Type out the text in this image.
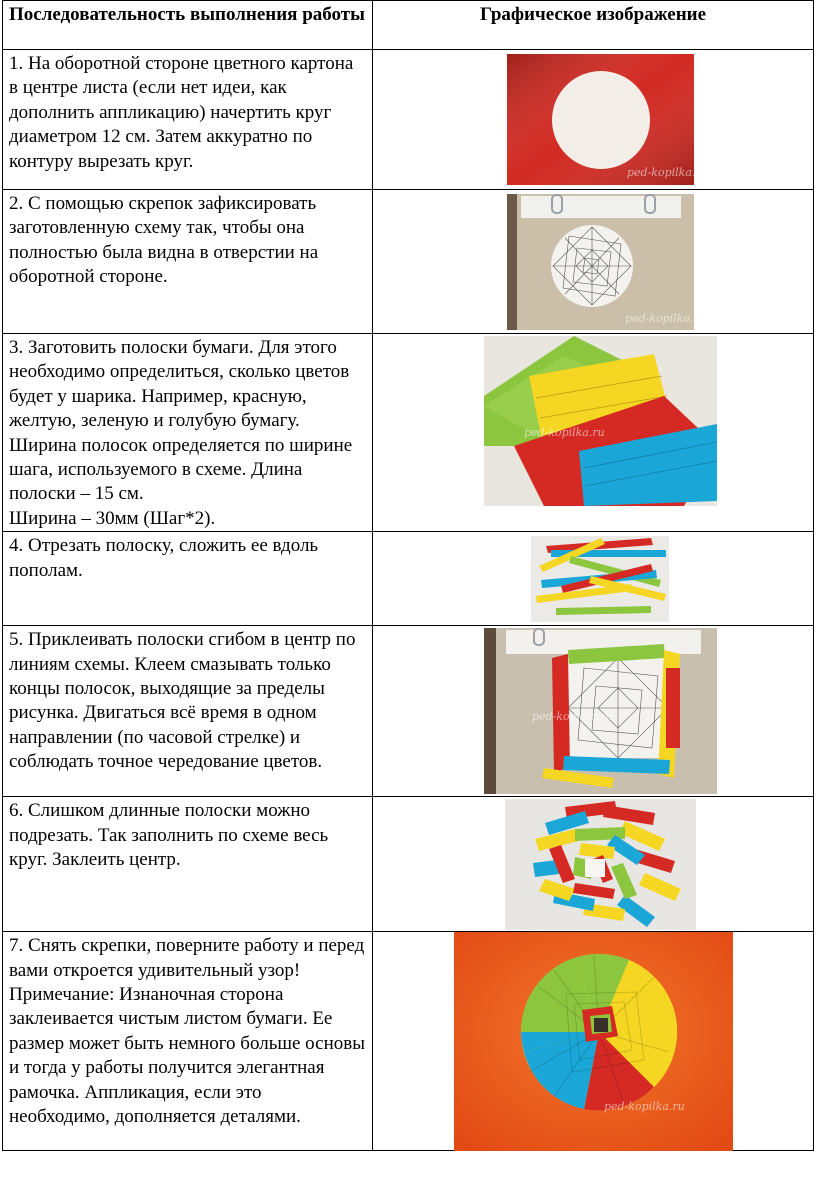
Последовательность выполнения работы	Графическое изображение

1. На оборотной стороне цветного картона в центре листа (если нет идеи, как дополнить аппликацию) начертить круг диаметром 12 см. Затем аккуратно по контуру вырезать круг.	ped-kopilka.ru

2. С помощью скрепок зафиксировать заготовленную схему так, чтобы она полностью была видна в отверстии на оборотной стороне.	ped-kopilka.ru

3. Заготовить полоски бумаги. Для этого необходимо определиться, сколько цветов будет у шарика. Например, красную, желтую, зеленую и голубую бумагу. Ширина полосок определяется по ширине шага, используемого в схеме. Длина полоски – 15 см.
Ширина – 30мм (Шаг*2).	ped-kopilka.ru

4. Отрезать полоску, сложить ее вдоль пополам.

5. Приклеивать полоски сгибом в центр по линиям схемы. Клеем смазывать только концы полосок, выходящие за пределы рисунка. Двигаться всё время в одном направлении (по часовой стрелке) и соблюдать точное чередование цветов.	ped-kopilka.ru

6. Слишком длинные полоски можно подрезать. Так заполнить по схеме весь круг. Заклеить центр.

7. Снять скрепки, поверните работу и перед вами откроется удивительный узор!
Примечание: Изнаночная сторона заклеивается чистым листом бумаги. Ее размер может быть немного больше основы и тогда у работы получится элегантная рамочка. Аппликация, если это необходимо, дополняется деталями.	ped-kopilka.ru
